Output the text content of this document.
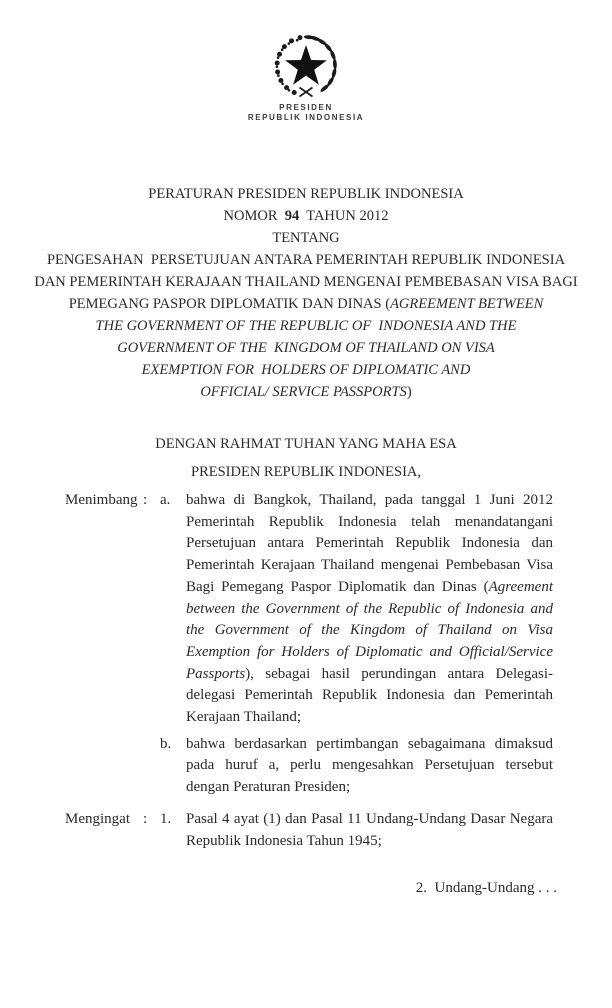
PRESIDEN
REPUBLIK INDONESIA
PERATURAN PRESIDEN REPUBLIK INDONESIA
NOMOR  94  TAHUN 2012
TENTANG
PENGESAHAN  PERSETUJUAN ANTARA PEMERINTAH REPUBLIK INDONESIA
DAN PEMERINTAH KERAJAAN THAILAND MENGENAI PEMBEBASAN VISA BAGI
PEMEGANG PASPOR DIPLOMATIK DAN DINAS (AGREEMENT BETWEEN
THE GOVERNMENT OF THE REPUBLIC OF  INDONESIA AND THE
GOVERNMENT OF THE  KINGDOM OF THAILAND ON VISA
EXEMPTION FOR  HOLDERS OF DIPLOMATIC AND
OFFICIAL/ SERVICE PASSPORTS)
DENGAN RAHMAT TUHAN YANG MAHA ESA
PRESIDEN REPUBLIK INDONESIA,
Menimbang : a.	bahwa di Bangkok, Thailand, pada tanggal 1 Juni 2012 Pemerintah Republik Indonesia telah menandatangani Persetujuan antara Pemerintah Republik Indonesia dan Pemerintah Kerajaan Thailand mengenai Pembebasan Visa Bagi Pemegang Paspor Diplomatik dan Dinas (Agreement between the Government of the Republic of Indonesia and the Government of the Kingdom of Thailand on Visa Exemption for Holders of Diplomatic and Official/Service Passports), sebagai hasil perundingan antara Delegasi-delegasi Pemerintah Republik Indonesia dan Pemerintah Kerajaan Thailand;
b. bahwa berdasarkan pertimbangan sebagaimana dimaksud pada huruf a, perlu mengesahkan Persetujuan tersebut dengan Peraturan Presiden;
Mengingat : 1. Pasal 4 ayat (1) dan Pasal 11 Undang-Undang Dasar Negara Republik Indonesia Tahun 1945;
2.  Undang-Undang . . .
